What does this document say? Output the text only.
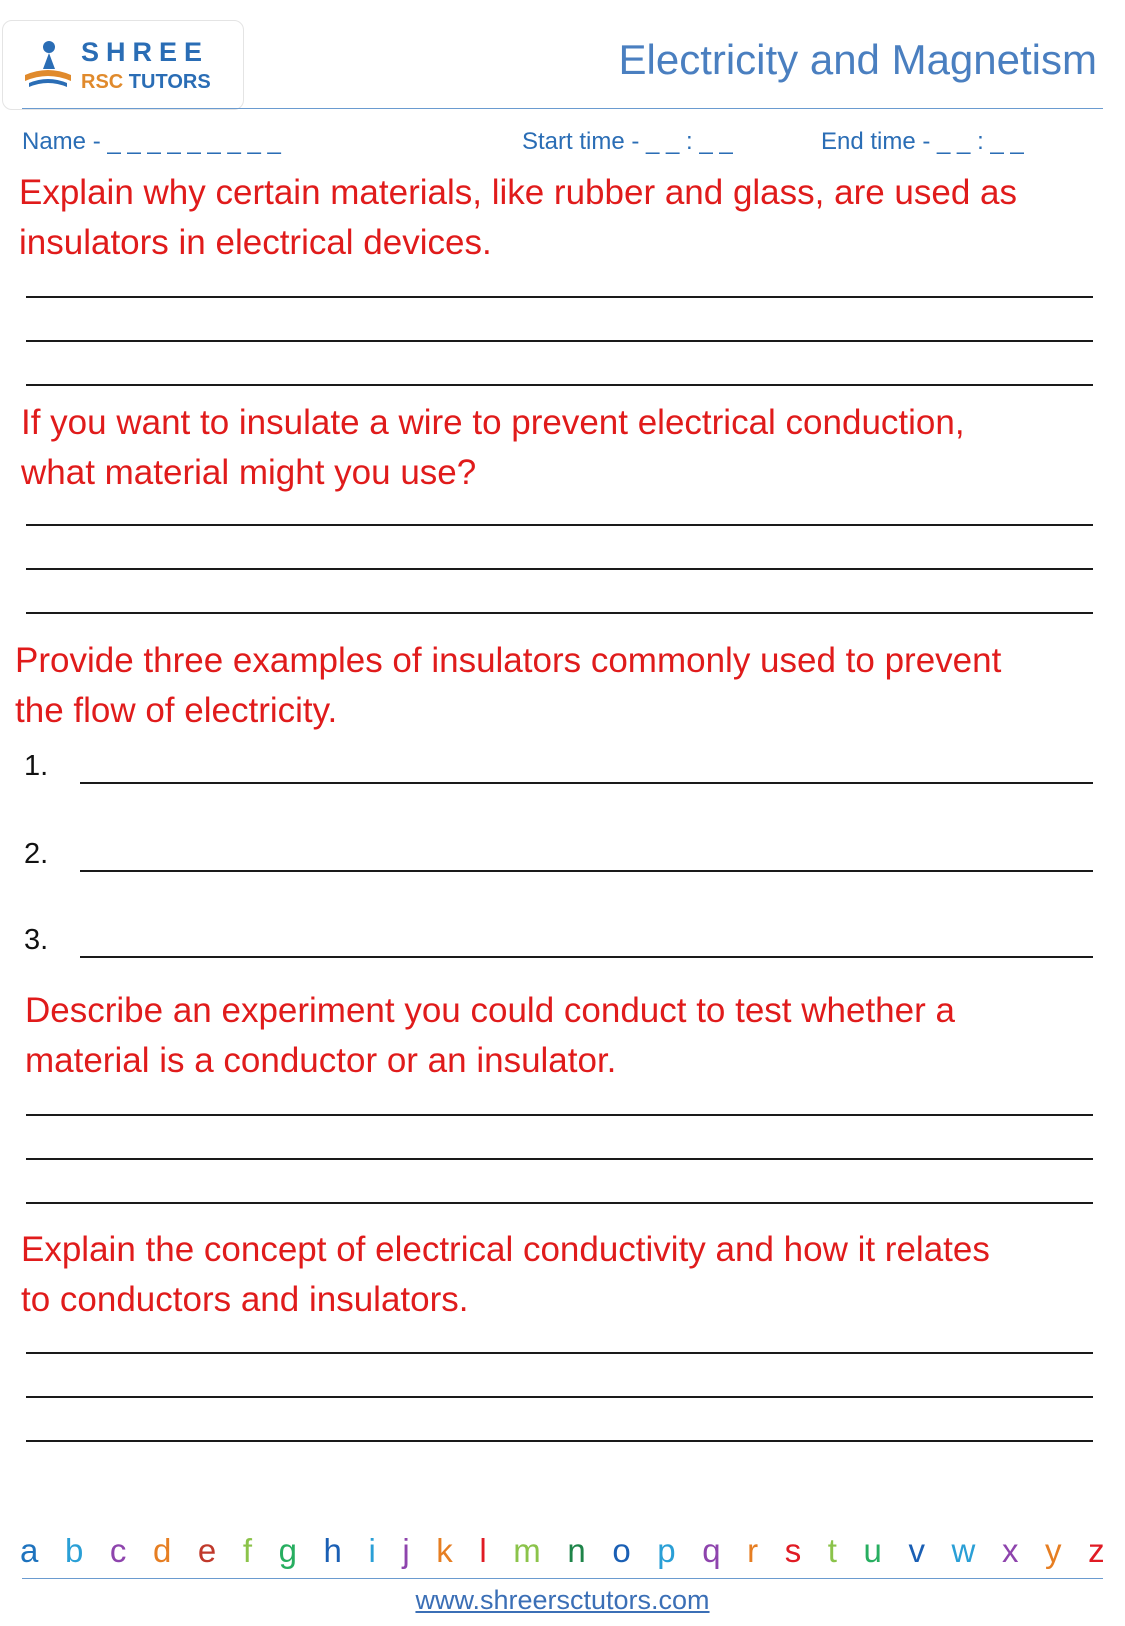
SHREE
RSC TUTORS	Electricity and Magnetism
Name - _ _ _ _ _ _ _ _ _	Start time - _ _ : _ _	End time - _ _ : _ _
Explain why certain materials, like rubber and glass, are used as
insulators in electrical devices.
If you want to insulate a wire to prevent electrical conduction,
what material might you use?
Provide three examples of insulators commonly used to prevent
the flow of electricity.
1.
2.
3.
Describe an experiment you could conduct to test whether a
material is a conductor or an insulator.
Explain the concept of electrical conductivity and how it relates
to conductors and insulators.
a b c d e f g h i j k l m n o p q r s t u v w x y z
www.shreersctutors.com
